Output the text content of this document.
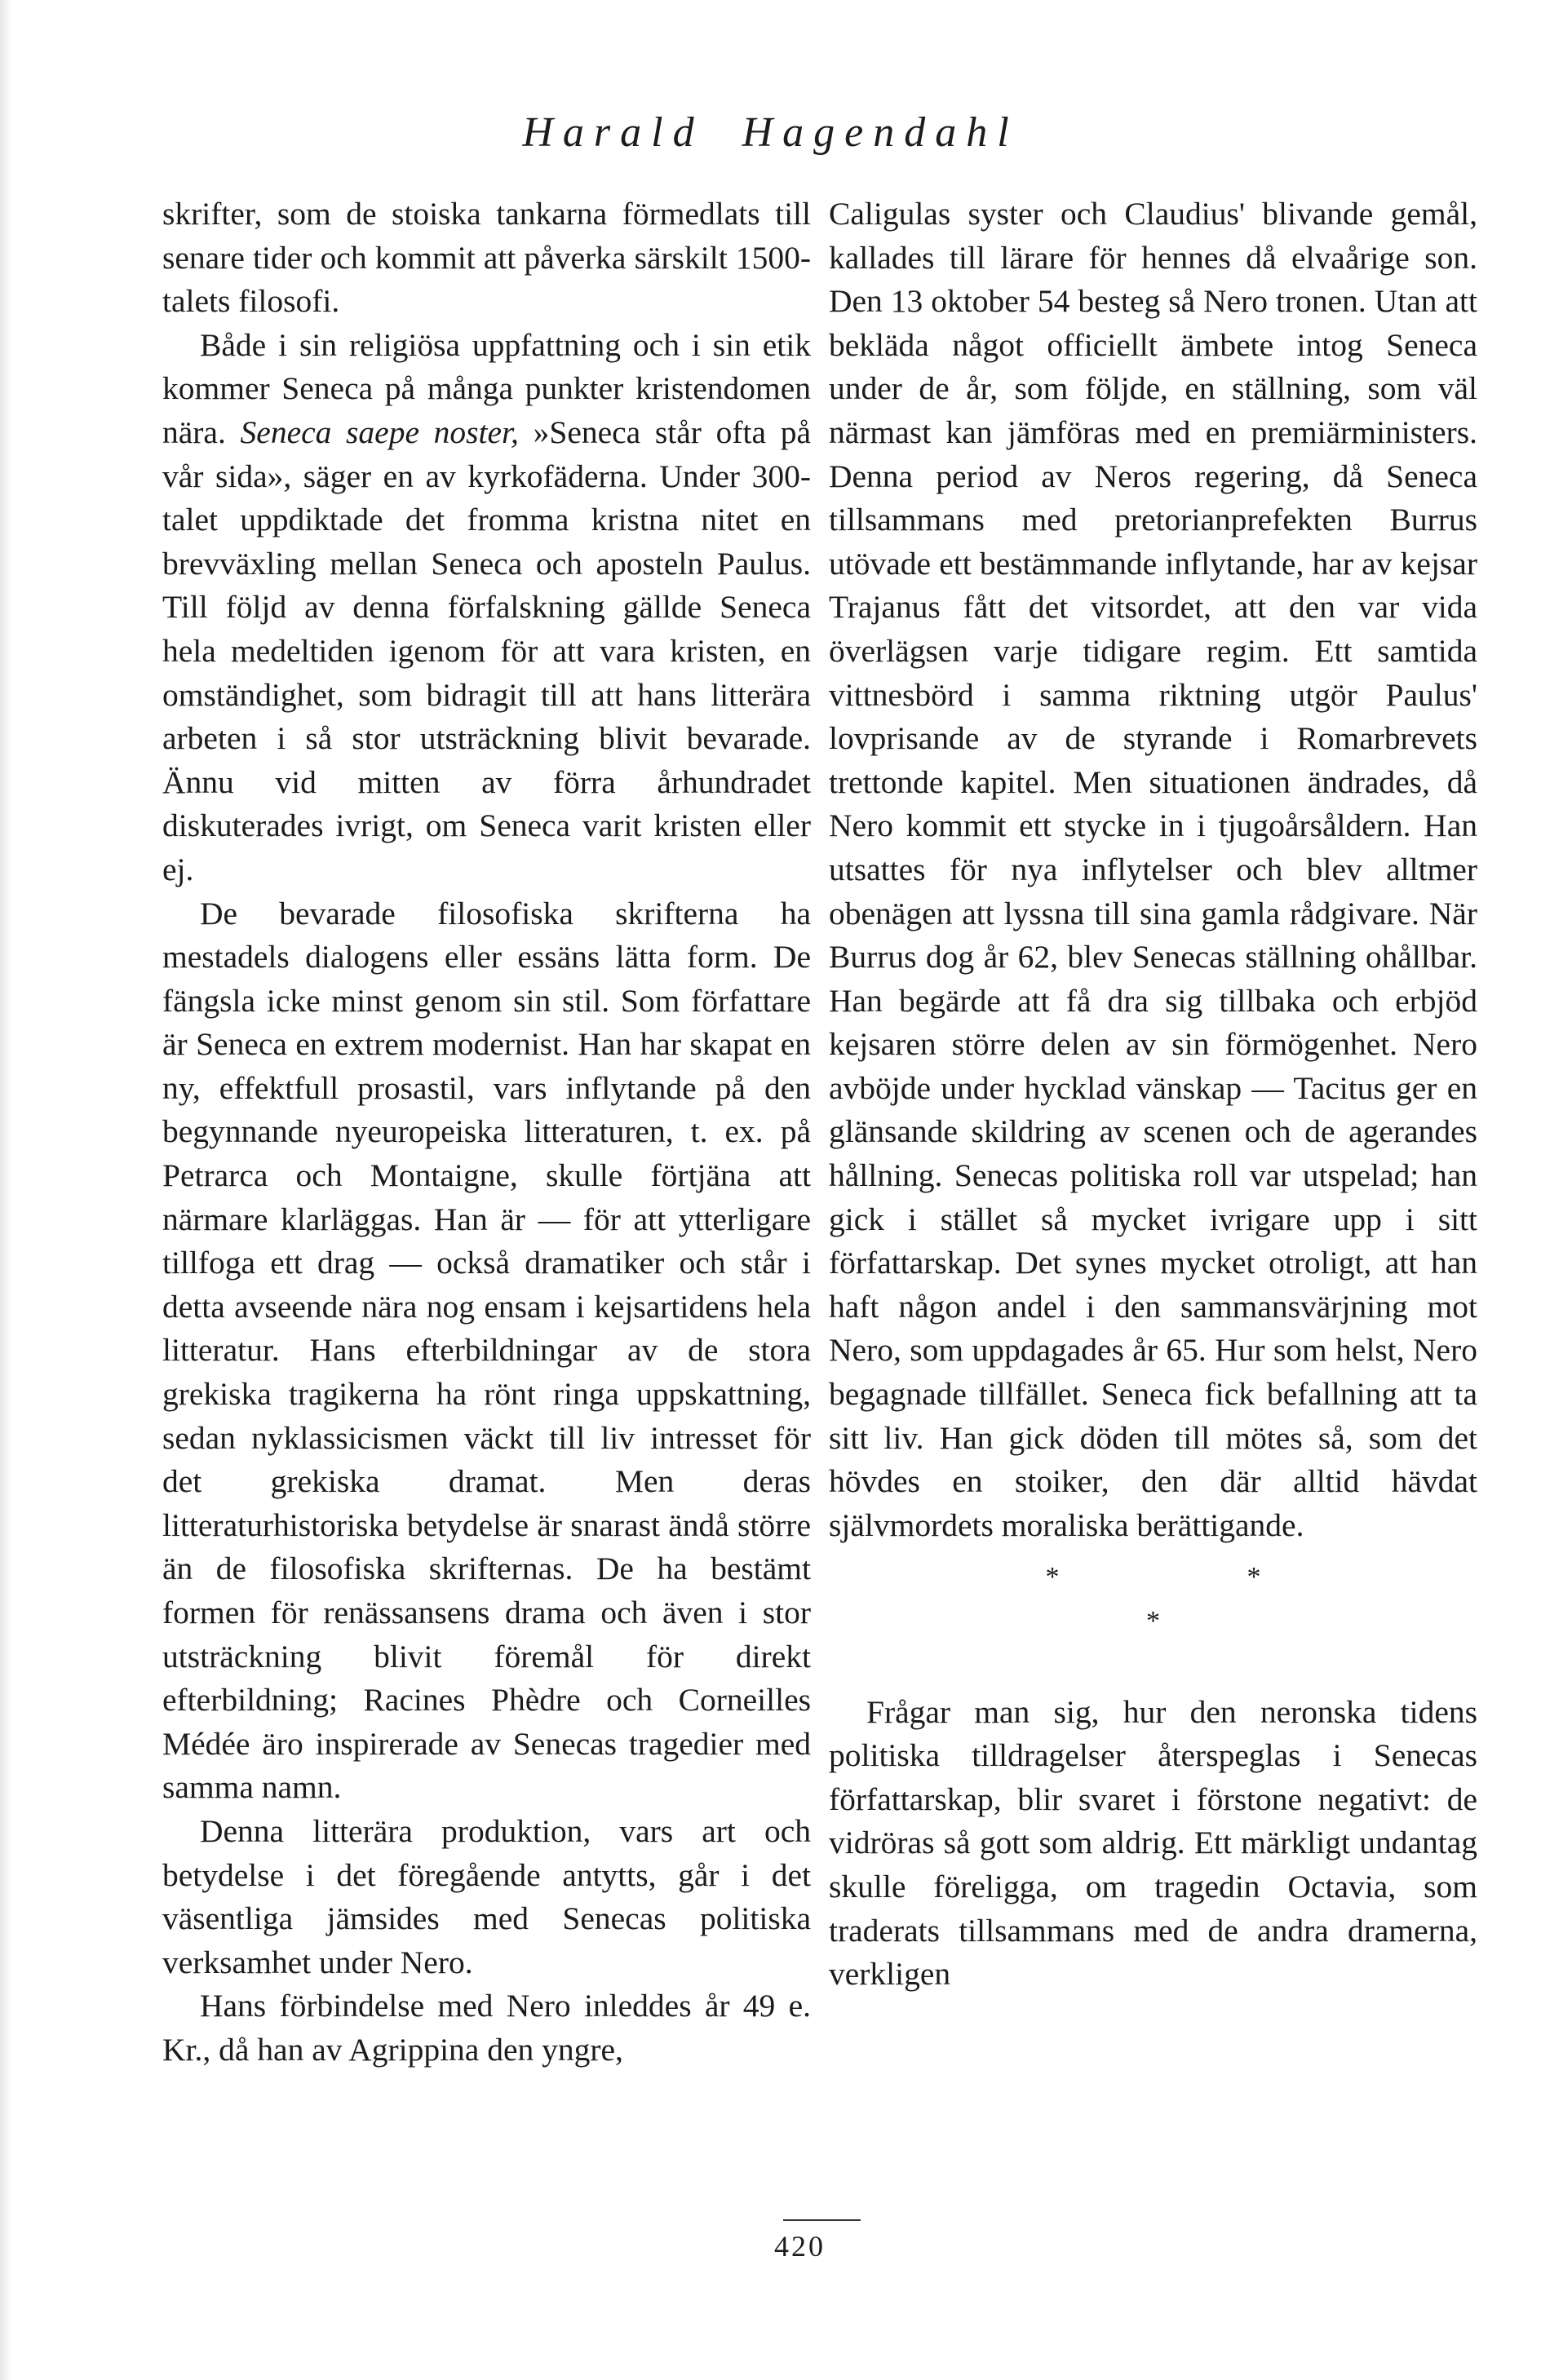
Harald Hagendahl

skrifter, som de stoiska tankarna förmedlats till senare tider och kommit att påverka särskilt 1500-talets filosofi.

Både i sin religiösa uppfattning och i sin etik kommer Seneca på många punkter kristendomen nära. Seneca saepe noster, »Seneca står ofta på vår sida», säger en av kyrkofäderna. Under 300-talet uppdiktade det fromma kristna nitet en brevväxling mellan Seneca och aposteln Paulus. Till följd av denna förfalskning gällde Seneca hela medeltiden igenom för att vara kristen, en omständighet, som bidragit till att hans litterära arbeten i så stor utsträckning blivit bevarade. Ännu vid mitten av förra århundradet diskuterades ivrigt, om Seneca varit kristen eller ej.

De bevarade filosofiska skrifterna ha mestadels dialogens eller essäns lätta form. De fängsla icke minst genom sin stil. Som författare är Seneca en extrem modernist. Han har skapat en ny, effektfull prosastil, vars inflytande på den begynnande nyeuropeiska litteraturen, t. ex. på Petrarca och Montaigne, skulle förtjäna att närmare klarläggas. Han är — för att ytterligare tillfoga ett drag — också dramatiker och står i detta avseende nära nog ensam i kejsartidens hela litteratur. Hans efterbildningar av de stora grekiska tragikerna ha rönt ringa uppskattning, sedan nyklassicismen väckt till liv intresset för det grekiska dramat. Men deras litteraturhistoriska betydelse är snarast ändå större än de filosofiska skrifternas. De ha bestämt formen för renässansens drama och även i stor utsträckning blivit föremål för direkt efterbildning; Racines Phèdre och Corneilles Médée äro inspirerade av Senecas tragedier med samma namn.

Denna litterära produktion, vars art och betydelse i det föregående antytts, går i det väsentliga jämsides med Senecas politiska verksamhet under Nero.

Hans förbindelse med Nero inleddes år 49 e. Kr., då han av Agrippina den yngre,

Caligulas syster och Claudius' blivande gemål, kallades till lärare för hennes då elvaårige son. Den 13 oktober 54 besteg så Nero tronen. Utan att bekläda något officiellt ämbete intog Seneca under de år, som följde, en ställning, som väl närmast kan jämföras med en premiärministers. Denna period av Neros regering, då Seneca tillsammans med pretorianprefekten Burrus utövade ett bestämmande inflytande, har av kejsar Trajanus fått det vitsordet, att den var vida överlägsen varje tidigare regim. Ett samtida vittnesbörd i samma riktning utgör Paulus' lovprisande av de styrande i Romarbrevets trettonde kapitel. Men situationen ändrades, då Nero kommit ett stycke in i tjugoårsåldern. Han utsattes för nya inflytelser och blev alltmer obenägen att lyssna till sina gamla rådgivare. När Burrus dog år 62, blev Senecas ställning ohållbar. Han begärde att få dra sig tillbaka och erbjöd kejsaren större delen av sin förmögenhet. Nero avböjde under hycklad vänskap — Tacitus ger en glänsande skildring av scenen och de agerandes hållning. Senecas politiska roll var utspelad; han gick i stället så mycket ivrigare upp i sitt författarskap. Det synes mycket otroligt, att han haft någon andel i den sammansvärjning mot Nero, som uppdagades år 65. Hur som helst, Nero begagnade tillfället. Seneca fick befallning att ta sitt liv. Han gick döden till mötes så, som det hövdes en stoiker, den där alltid hävdat självmordets moraliska berättigande.

*	*
*

Frågar man sig, hur den neronska tidens politiska tilldragelser återspeglas i Senecas författarskap, blir svaret i förstone negativt: de vidröras så gott som aldrig. Ett märkligt undantag skulle föreligga, om tragedin Octavia, som traderats tillsammans med de andra dramerna, verkligen

420
